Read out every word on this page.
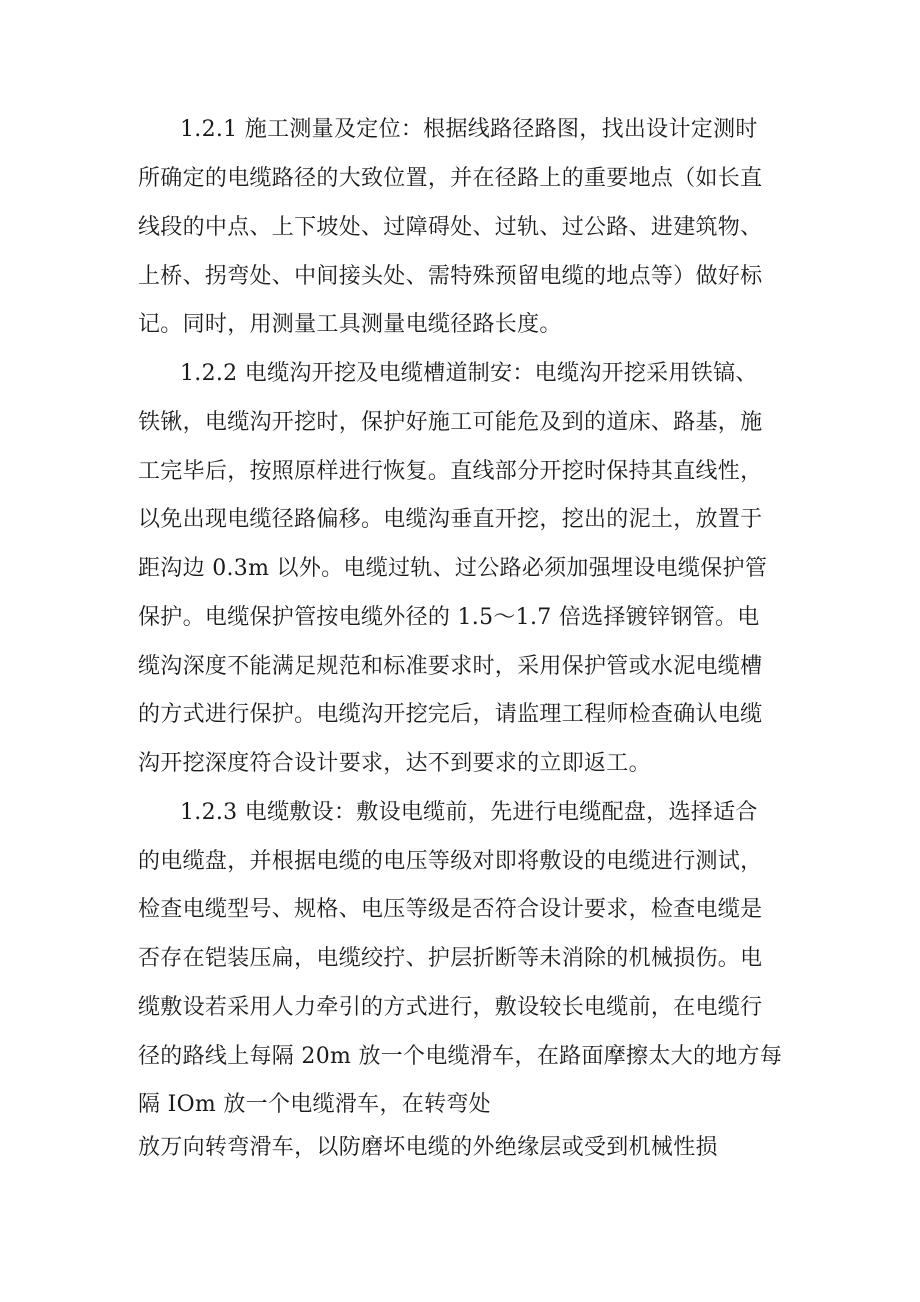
1.2.1 施工测量及定位：根据线路径路图，找出设计定测时
所确定的电缆路径的大致位置，并在径路上的重要地点（如长直
线段的中点、上下坡处、过障碍处、过轨、过公路、进建筑物、
上桥、拐弯处、中间接头处、需特殊预留电缆的地点等）做好标
记。同时，用测量工具测量电缆径路长度。
1.2.2 电缆沟开挖及电缆槽道制安：电缆沟开挖采用铁镐、
铁锹，电缆沟开挖时，保护好施工可能危及到的道床、路基，施
工完毕后，按照原样进行恢复。直线部分开挖时保持其直线性，
以免出现电缆径路偏移。电缆沟垂直开挖，挖出的泥土，放置于
距沟边 0.3m 以外。电缆过轨、过公路必须加强埋设电缆保护管
保护。电缆保护管按电缆外径的 1.5～1.7 倍选择镀锌钢管。电
缆沟深度不能满足规范和标准要求时，采用保护管或水泥电缆槽
的方式进行保护。电缆沟开挖完后，请监理工程师检查确认电缆
沟开挖深度符合设计要求，达不到要求的立即返工。
1.2.3 电缆敷设：敷设电缆前，先进行电缆配盘，选择适合
的电缆盘，并根据电缆的电压等级对即将敷设的电缆进行测试，
检查电缆型号、规格、电压等级是否符合设计要求，检查电缆是
否存在铠装压扁，电缆绞拧、护层折断等未消除的机械损伤。电
缆敷设若采用人力牵引的方式进行，敷设较长电缆前，在电缆行
径的路线上每隔 20m 放一个电缆滑车，在路面摩擦太大的地方每
隔 IOm 放一个电缆滑车，在转弯处
放万向转弯滑车，以防磨坏电缆的外绝缘层或受到机械性损
